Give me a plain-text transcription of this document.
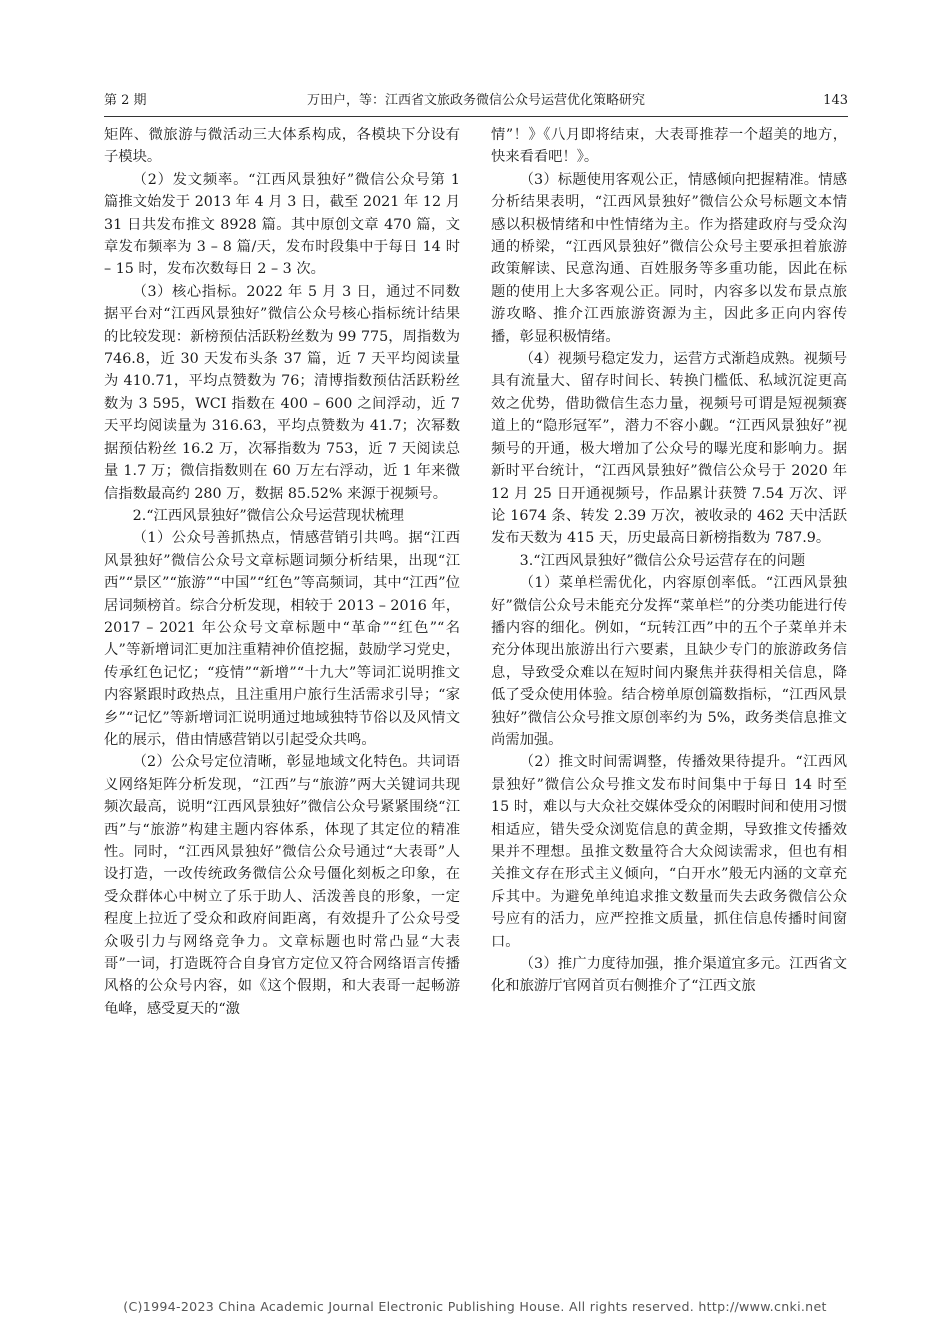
第 2 期	万田户，等：江西省文旅政务微信公众号运营优化策略研究	143

矩阵、微旅游与微活动三大体系构成，各模块下分设有子模块。

（2）发文频率。“江西风景独好”微信公众号第 1 篇推文始发于 2013 年 4 月 3 日，截至 2021 年 12 月 31 日共发布推文 8928 篇。其中原创文章 470 篇，文章发布频率为 3 – 8 篇/天，发布时段集中于每日 14 时 – 15 时，发布次数每日 2 – 3 次。

（3）核心指标。2022 年 5 月 3 日，通过不同数据平台对“江西风景独好”微信公众号核心指标统计结果的比较发现：新榜预估活跃粉丝数为 99 775，周指数为 746.8，近 30 天发布头条 37 篇，近 7 天平均阅读量为 410.71，平均点赞数为 76；清博指数预估活跃粉丝数为 3 595，WCI 指数在 400 – 600 之间浮动，近 7 天平均阅读量为 316.63，平均点赞数为 41.7；次幂数据预估粉丝 16.2 万，次幂指数为 753，近 7 天阅读总量 1.7 万；微信指数则在 60 万左右浮动，近 1 年来微信指数最高约 280 万，数据 85.52% 来源于视频号。

2.“江西风景独好”微信公众号运营现状梳理

（1）公众号善抓热点，情感营销引共鸣。据“江西风景独好”微信公众号文章标题词频分析结果，出现“江西”“景区”“旅游”“中国”“红色”等高频词，其中“江西”位居词频榜首。综合分析发现，相较于 2013 – 2016 年，2017 – 2021 年公众号文章标题中“革命”“红色”“名人”等新增词汇更加注重精神价值挖掘，鼓励学习党史，传承红色记忆；“疫情”“新增”“十九大”等词汇说明推文内容紧跟时政热点，且注重用户旅行生活需求引导；“家乡”“记忆”等新增词汇说明通过地域独特节俗以及风情文化的展示，借由情感营销以引起受众共鸣。

（2）公众号定位清晰，彰显地域文化特色。共词语义网络矩阵分析发现，“江西”与“旅游”两大关键词共现频次最高，说明“江西风景独好”微信公众号紧紧围绕“江西”与“旅游”构建主题内容体系，体现了其定位的精准性。同时，“江西风景独好”微信公众号通过“大表哥”人设打造，一改传统政务微信公众号僵化刻板之印象，在受众群体心中树立了乐于助人、活泼善良的形象，一定程度上拉近了受众和政府间距离，有效提升了公众号受众吸引力与网络竞争力。文章标题也时常凸显“大表哥”一词，打造既符合自身官方定位又符合网络语言传播风格的公众号内容，如《这个假期，和大表哥一起畅游龟峰，感受夏天的“激

情”！》《八月即将结束，大表哥推荐一个超美的地方，快来看看吧！》。

（3）标题使用客观公正，情感倾向把握精准。情感分析结果表明，“江西风景独好”微信公众号标题文本情感以积极情绪和中性情绪为主。作为搭建政府与受众沟通的桥梁，“江西风景独好”微信公众号主要承担着旅游政策解读、民意沟通、百姓服务等多重功能，因此在标题的使用上大多客观公正。同时，内容多以发布景点旅游攻略、推介江西旅游资源为主，因此多正向内容传播，彰显积极情绪。

（4）视频号稳定发力，运营方式渐趋成熟。视频号具有流量大、留存时间长、转换门槛低、私域沉淀更高效之优势，借助微信生态力量，视频号可谓是短视频赛道上的“隐形冠军”，潜力不容小觑。“江西风景独好”视频号的开通，极大增加了公众号的曝光度和影响力。据新时平台统计，“江西风景独好”微信公众号于 2020 年 12 月 25 日开通视频号，作品累计获赞 7.54 万次、评论 1674 条、转发 2.39 万次，被收录的 462 天中活跃发布天数为 415 天，历史最高日新榜指数为 787.9。

3.“江西风景独好”微信公众号运营存在的问题

（1）菜单栏需优化，内容原创率低。“江西风景独好”微信公众号未能充分发挥“菜单栏”的分类功能进行传播内容的细化。例如，“玩转江西”中的五个子菜单并未充分体现出旅游出行六要素，且缺少专门的旅游政务信息，导致受众难以在短时间内聚焦并获得相关信息，降低了受众使用体验。结合榜单原创篇数指标，“江西风景独好”微信公众号推文原创率约为 5%，政务类信息推文尚需加强。

（2）推文时间需调整，传播效果待提升。“江西风景独好”微信公众号推文发布时间集中于每日 14 时至 15 时，难以与大众社交媒体受众的闲暇时间和使用习惯相适应，错失受众浏览信息的黄金期，导致推文传播效果并不理想。虽推文数量符合大众阅读需求，但也有相关推文存在形式主义倾向，“白开水”般无内涵的文章充斥其中。为避免单纯追求推文数量而失去政务微信公众号应有的活力，应严控推文质量，抓住信息传播时间窗口。

（3）推广力度待加强，推介渠道宜多元。江西省文化和旅游厅官网首页右侧推介了“江西文旅

(C)1994-2023 China Academic Journal Electronic Publishing House. All rights reserved. http://www.cnki.net
